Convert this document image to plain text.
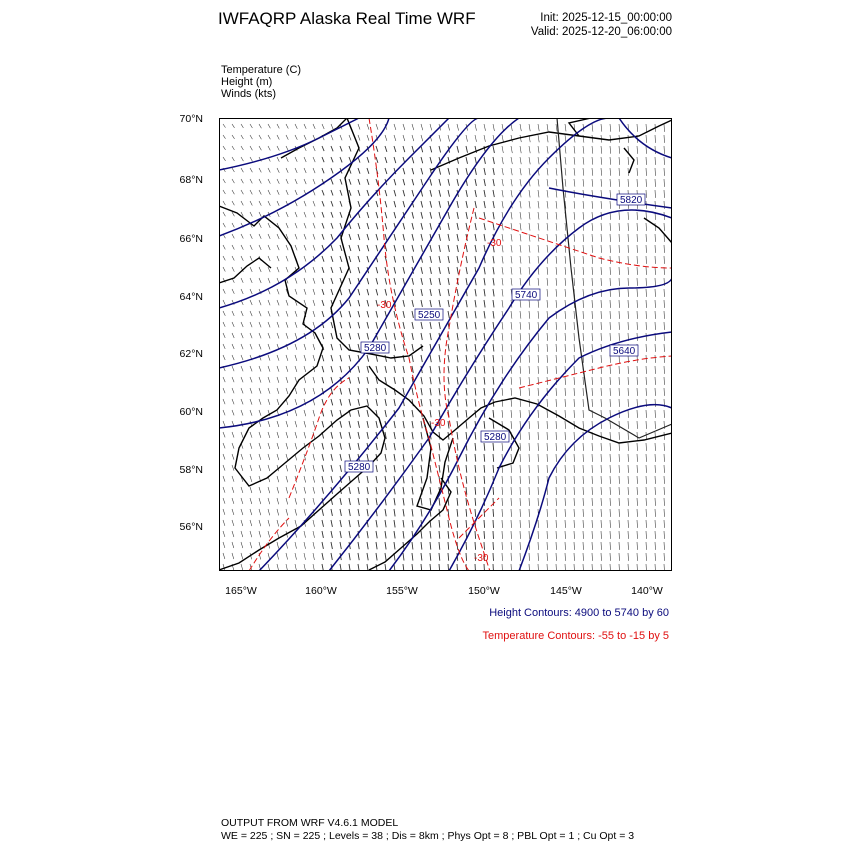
IWFAQRP Alaska Real Time WRF	Init: 2025-12-15_00:00:00
Valid: 2025-12-20_06:00:00
Temperature (C)
Height (m)
Winds (kts)
5280
5740
5640
5250
5280
5820
5280
-30
-30
-30
-30
70°N
68°N
66°N
64°N
62°N
60°N
58°N
56°N
165°W	160°W	155°W	150°W	145°W	140°W
Height Contours: 4900 to 5740 by 60
Temperature Contours: -55 to -15 by 5
OUTPUT FROM WRF V4.6.1 MODEL
WE = 225 ; SN = 225 ; Levels = 38 ; Dis = 8km ; Phys Opt = 8 ; PBL Opt = 1 ; Cu Opt = 3
